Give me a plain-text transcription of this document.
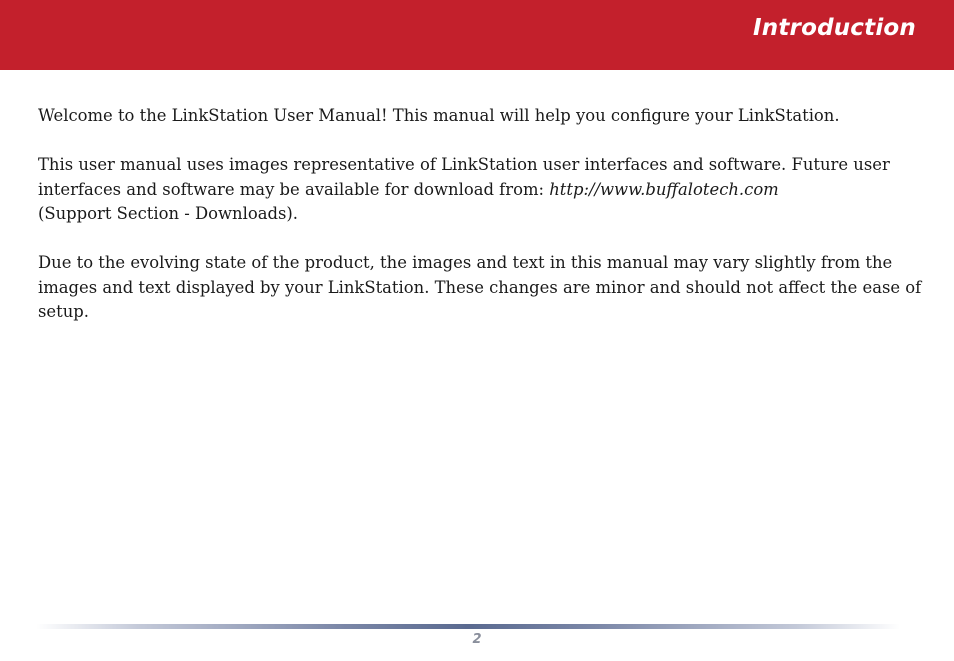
Introduction

Welcome to the LinkStation User Manual! This manual will help you configure your LinkStation.

This user manual uses images representative of LinkStation user interfaces and software. Future user interfaces and software may be available for download from: http://www.buffalotech.com
(Support Section - Downloads).

Due to the evolving state of the product, the images and text in this manual may vary slightly from the images and text displayed by your LinkStation. These changes are minor and should not affect the ease of setup.

2
